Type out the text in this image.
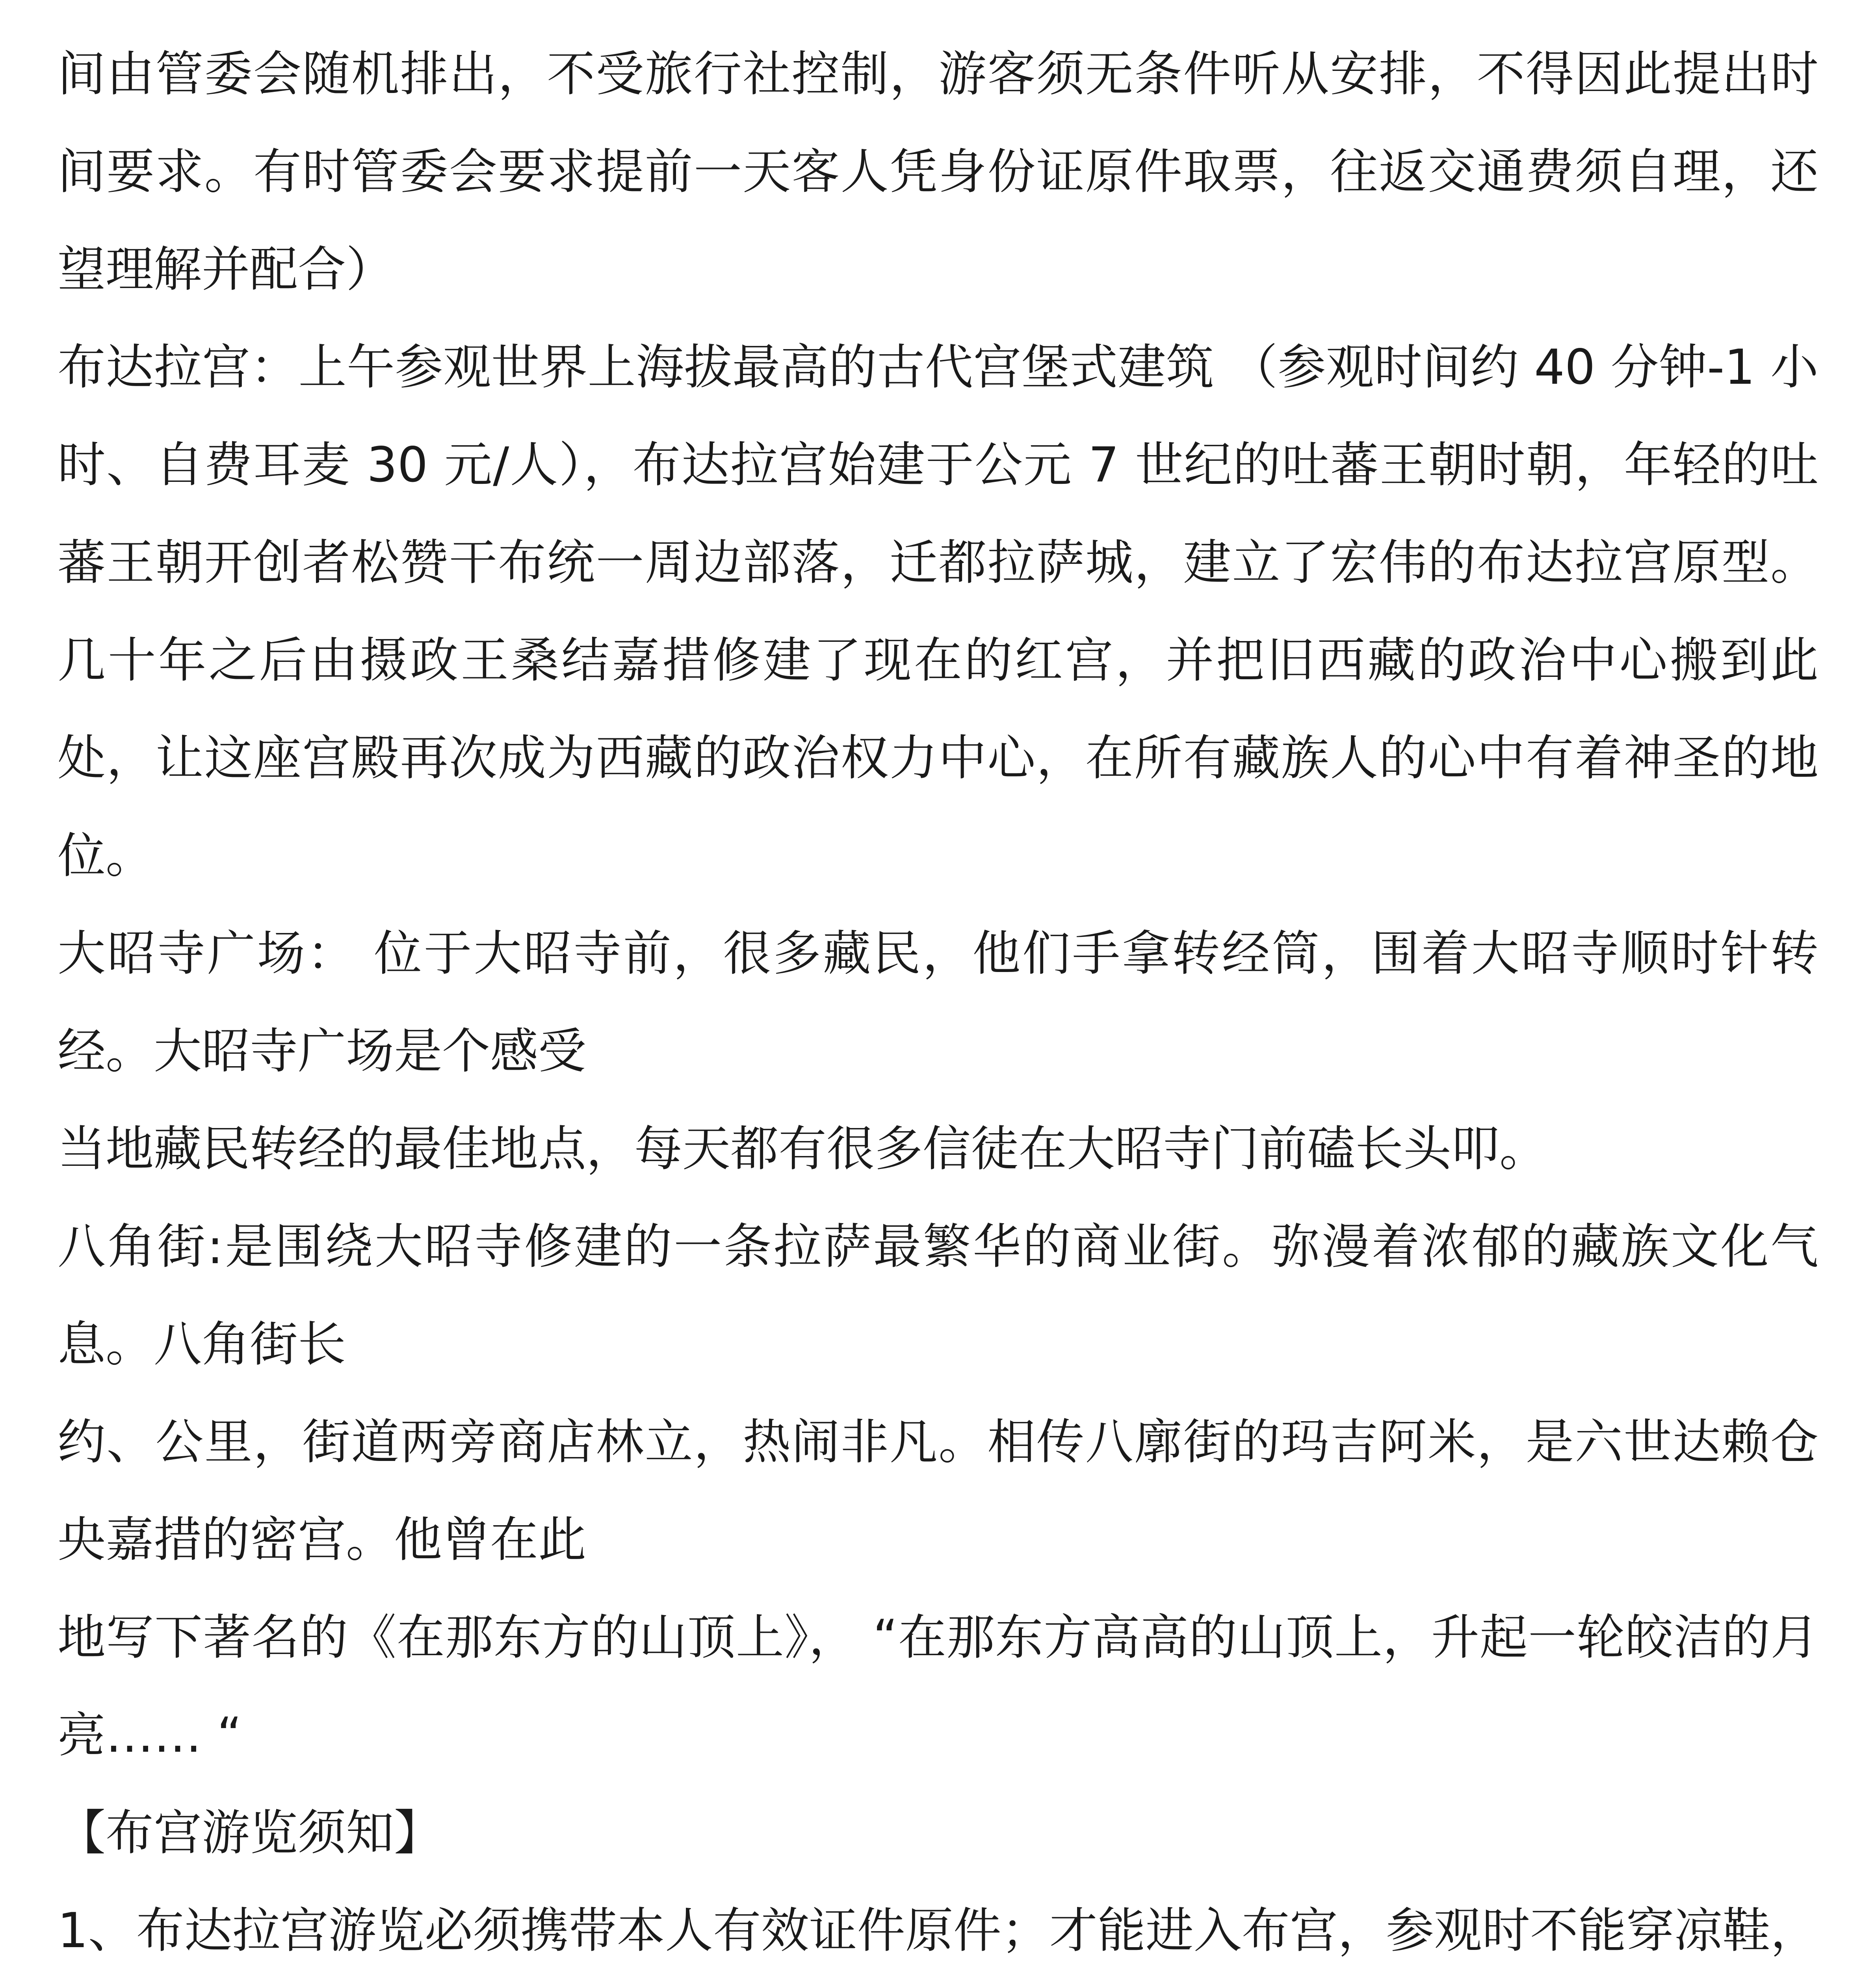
间由管委会随机排出，不受旅行社控制，游客须无条件听从安排，不得因此提出时间要求。有时管委会要求提前一天客人凭身份证原件取票，往返交通费须自理，还望理解并配合）

布达拉宫：上午参观世界上海拔最高的古代宫堡式建筑 （参观时间约 40 分钟-1 小时、自费耳麦 30 元/人），布达拉宫始建于公元 7 世纪的吐蕃王朝时朝，年轻的吐蕃王朝开创者松赞干布统一周边部落，迁都拉萨城，建立了宏伟的布达拉宫原型。几十年之后由摄政王桑结嘉措修建了现在的红宫，并把旧西藏的政治中心搬到此处，让这座宫殿再次成为西藏的政治权力中心，在所有藏族人的心中有着神圣的地位。

大昭寺广场： 位于大昭寺前，很多藏民，他们手拿转经筒，围着大昭寺顺时针转经。大昭寺广场是个感受

当地藏民转经的最佳地点，每天都有很多信徒在大昭寺门前磕长头叩。

八角街:是围绕大昭寺修建的一条拉萨最繁华的商业街。弥漫着浓郁的藏族文化气息。八角街长

约、公里，街道两旁商店林立，热闹非凡。相传八廓街的玛吉阿米，是六世达赖仓央嘉措的密宫。他曾在此

地写下著名的《在那东方的山顶上》， “在那东方高高的山顶上，升起一轮皎洁的月亮…… “

【布宫游览须知】

1、布达拉宫游览必须携带本人有效证件原件；才能进入布宫，参观时不能穿凉鞋，
